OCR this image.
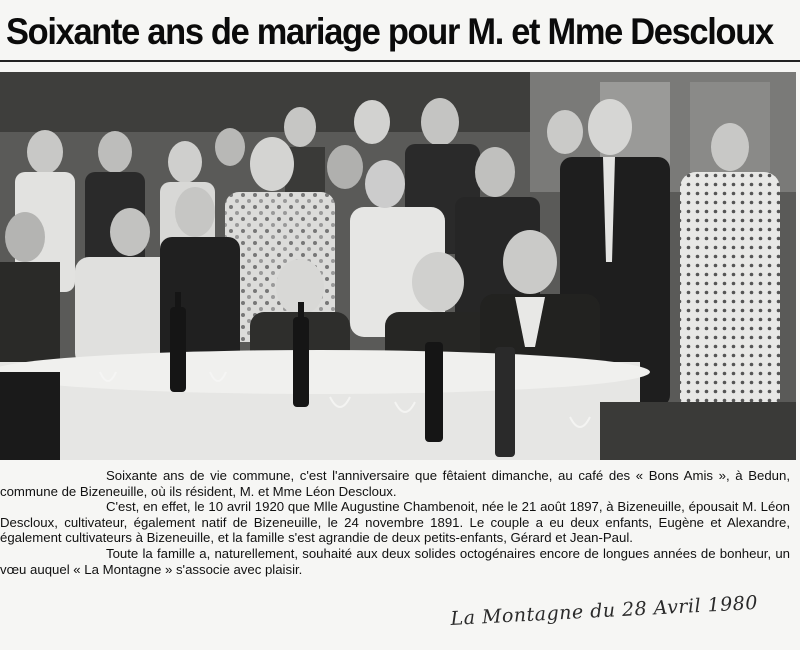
Soixante ans de mariage pour M. et Mme Descloux

Soixante ans de vie commune, c'est l'anniversaire que fêtaient dimanche, au café des « Bons Amis », à Bedun, commune de Bizeneuille, où ils résident, M. et Mme Léon Descloux.

C'est, en effet, le 10 avril 1920 que Mlle Augustine Chambenoit, née le 21 août 1897, à Bizeneuille, épousait M. Léon Descloux, cultivateur, également natif de Bizeneuille, le 24 novembre 1891. Le couple a eu deux enfants, Eugène et Alexandre, également cultivateurs à Bizeneuille, et la famille s'est agrandie de deux petits-enfants, Gérard et Jean-Paul.

Toute la famille a, naturellement, souhaité aux deux solides octogénaires encore de longues années de bonheur, un vœu auquel « La Montagne » s'associe avec plaisir.

La Montagne du 28 Avril 1980
